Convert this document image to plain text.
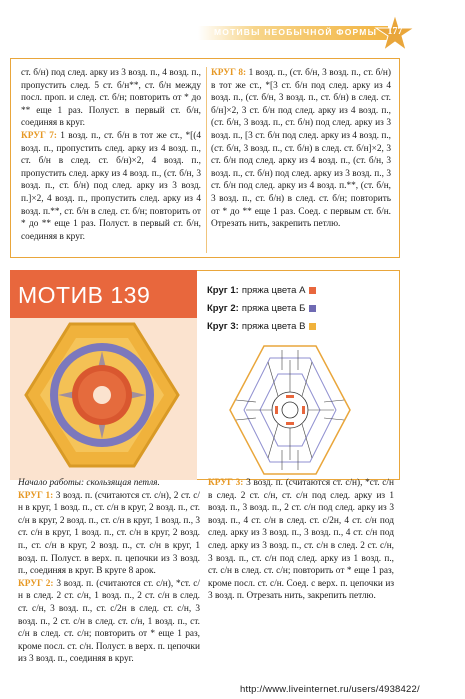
МОТИВЫ НЕОБЫЧНОЙ ФОРМЫ	177
ст. б/н) под след. арку из 3 возд. п., 4 возд. п., пропустить след. 5 ст. б/н**, ст. б/н между посл. проп. и след. ст. б/н; повторить от * до ** еще 1 раз. Полуст. в первый ст. б/н, соединяя в круг.
КРУГ 7: 1 возд. п., ст. б/н в тот же ст., *[(4 возд. п., пропустить след. арку из 4 возд. п., ст. б/н в след. ст. б/н)×2, 4 возд. п., пропустить след. арку из 4 возд. п., (ст. б/н, 3 возд. п., ст. б/н) под след. арку из 3 возд. п.]×2, 4 возд. п., пропустить след. арку из 4 возд. п.**, ст. б/н в след. ст. б/н; повторить от * до ** еще 1 раз. Полуст. в первый ст. б/н, соединяя в круг.
КРУГ 8: 1 возд. п., (ст. б/н, 3 возд. п., ст. б/н) в тот же ст., *[3 ст. б/н под след. арку из 4 возд. п., (ст. б/н, 3 возд. п., ст. б/н) в след. ст. б/н]×2, 3 ст. б/н под след. арку из 4 возд. п., (ст. б/н, 3 возд. п., ст. б/н) под след. арку из 3 возд. п., [3 ст. б/н под след. арку из 4 возд. п., (ст. б/н, 3 возд. п., ст. б/н) в след. ст. б/н]×2, 3 ст. б/н под след. арку из 4 возд. п., (ст. б/н, 3 возд. п., ст. б/н) под след. арку из 3 возд. п., 3 ст. б/н под след. арку из 4 возд. п.**, (ст. б/н, 3 возд. п., ст. б/н) в след. ст. б/н; повторить от * до ** еще 1 раз. Соед. с первым ст. б/н. Отрезать нить, закрепить петлю.
МОТИВ 139	Круг 1: пряжа цвета А
Круг 2: пряжа цвета Б
Круг 3: пряжа цвета В
Начало работы: скользящая петля.
КРУГ 1: 3 возд. п. (считаются ст. с/н), 2 ст. с/н в круг, 1 возд. п., ст. с/н в круг, 2 возд. п., ст. с/н в круг, 2 возд. п., ст. с/н в круг, 1 возд. п., 3 ст. с/н в круг, 1 возд. п., ст. с/н в круг, 2 возд. п., ст. с/н в круг, 2 возд. п., ст. с/н в круг, 1 возд. п. Полуст. в верх. п. цепочки из 3 возд. п., соединяя в круг. В круге 8 арок.
КРУГ 2: 3 возд. п. (считаются ст. с/н), *ст. с/н в след. 2 ст. с/н, 1 возд. п., 2 ст. с/н в след. ст. с/н, 3 возд. п., ст. с/2н в след. ст. с/н, 3 возд. п., 2 ст. с/н в след. ст. с/н, 1 возд. п., ст. с/н в след. ст. с/н; повторить от * еще 1 раз, кроме посл. ст. с/н. Полуст. в верх. п. цепочки из 3 возд. п., соединяя в круг.
КРУГ 3: 3 возд. п. (считаются ст. с/н), *ст. с/н в след. 2 ст. с/н, ст. с/н под след. арку из 1 возд. п., 3 возд. п., 2 ст. с/н под след. арку из 3 возд. п., 4 ст. с/н в след. ст. с/2н, 4 ст. с/н под след. арку из 3 возд. п., 3 возд. п., 4 ст. с/н под след. арку из 3 возд. п., ст. с/н в след. 2 ст. с/н, 3 возд. п., ст. с/н под след. арку из 1 возд. п., ст. с/н в след. ст. с/н; повторить от * еще 1 раз, кроме посл. ст. с/н. Соед. с верх. п. цепочки из 3 возд. п. Отрезать нить, закрепить петлю.
http://www.liveinternet.ru/users/4938422/
